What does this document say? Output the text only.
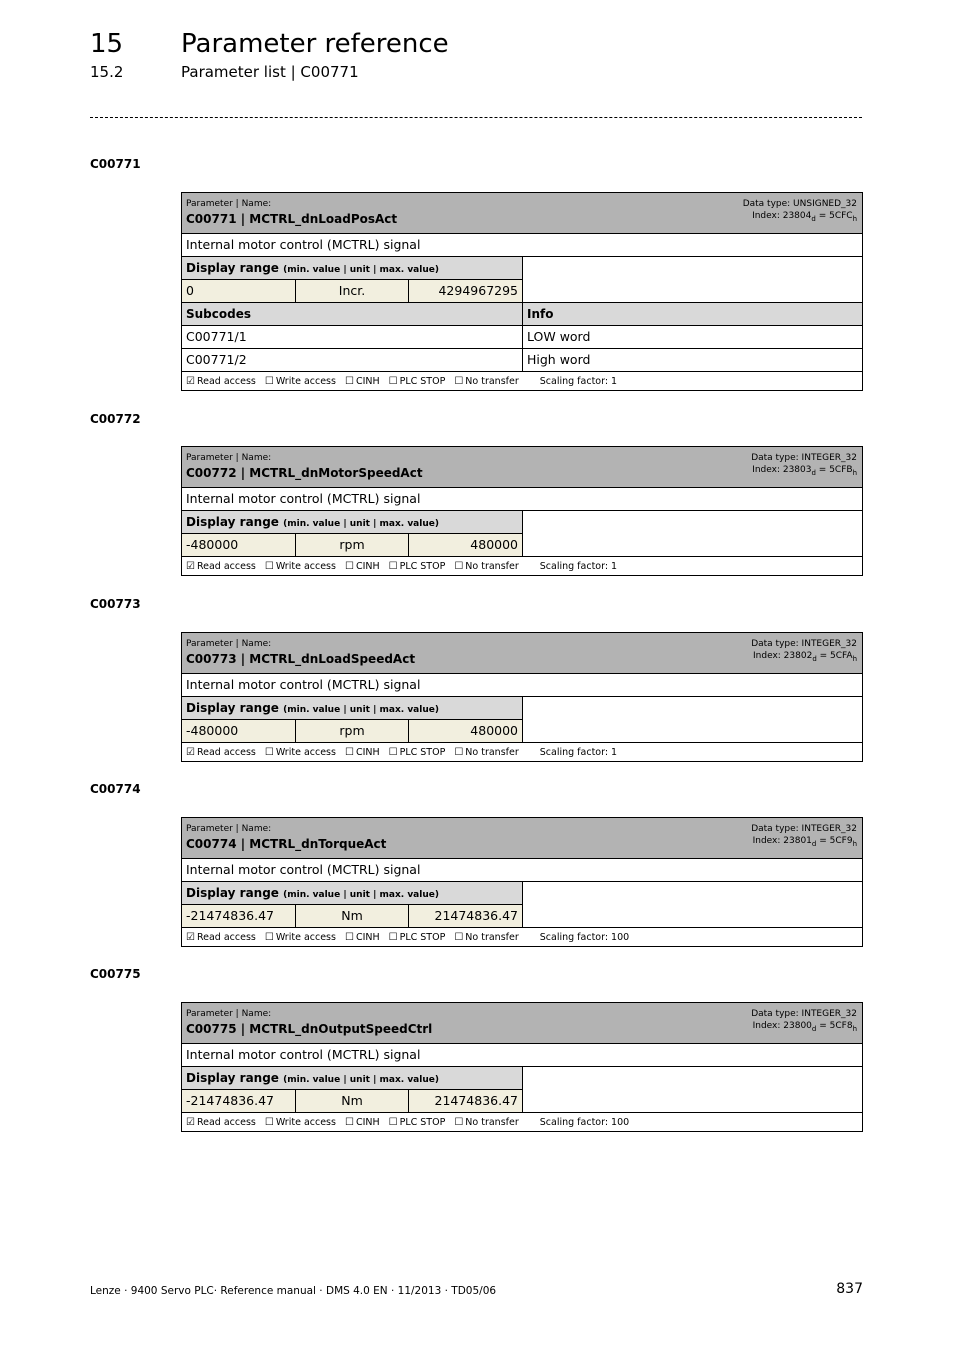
15 Parameter reference
15.2	Parameter list | C00771
C00771
Parameter | Name:
C00771 | MCTRL_dnLoadPosAct
Data type: UNSIGNED_32
Index: $23804_d = 5CFC_h$
Internal motor control (MCTRL) signal
Display range (min. value | unit | max. value)
0	Incr.	4294967295
Subcodes	Info
C00771/1	LOW word
C00771/2	High word
☑ Read access ☐ Write access ☐ CINH ☐ PLC STOP ☐ No transfer Scaling factor: 1
C00772
Parameter | Name:
C00772 | MCTRL_dnMotorSpeedAct
Data type: INTEGER_32
Index: $23803_d = 5CFB_h$
Internal motor control (MCTRL) signal
Display range (min. value | unit | max. value)
-480000	rpm	480000
☑ Read access ☐ Write access ☐ CINH ☐ PLC STOP ☐ No transfer Scaling factor: 1
C00773
Parameter | Name:
C00773 | MCTRL_dnLoadSpeedAct
Data type: INTEGER_32
Index: $23802_d = 5CFA_h$
Internal motor control (MCTRL) signal
Display range (min. value | unit | max. value)
-480000	rpm	480000
☑ Read access ☐ Write access ☐ CINH ☐ PLC STOP ☐ No transfer Scaling factor: 1
C00774
Parameter | Name:
C00774 | MCTRL_dnTorqueAct
Data type: INTEGER_32
Index: $23801_d = 5CF9_h$
Internal motor control (MCTRL) signal
Display range (min. value | unit | max. value)
-21474836.47	Nm	21474836.47
☑ Read access ☐ Write access ☐ CINH ☐ PLC STOP ☐ No transfer Scaling factor: 100
C00775
Parameter | Name:
C00775 | MCTRL_dnOutputSpeedCtrl
Data type: INTEGER_32
Index: $23800_d = 5CF8_h$
Internal motor control (MCTRL) signal
Display range (min. value | unit | max. value)
-21474836.47	Nm	21474836.47
☑ Read access ☐ Write access ☐ CINH ☐ PLC STOP ☐ No transfer Scaling factor: 100
Lenze · 9400 Servo PLC· Reference manual · DMS 4.0 EN · 11/2013 · TD05/06	837
